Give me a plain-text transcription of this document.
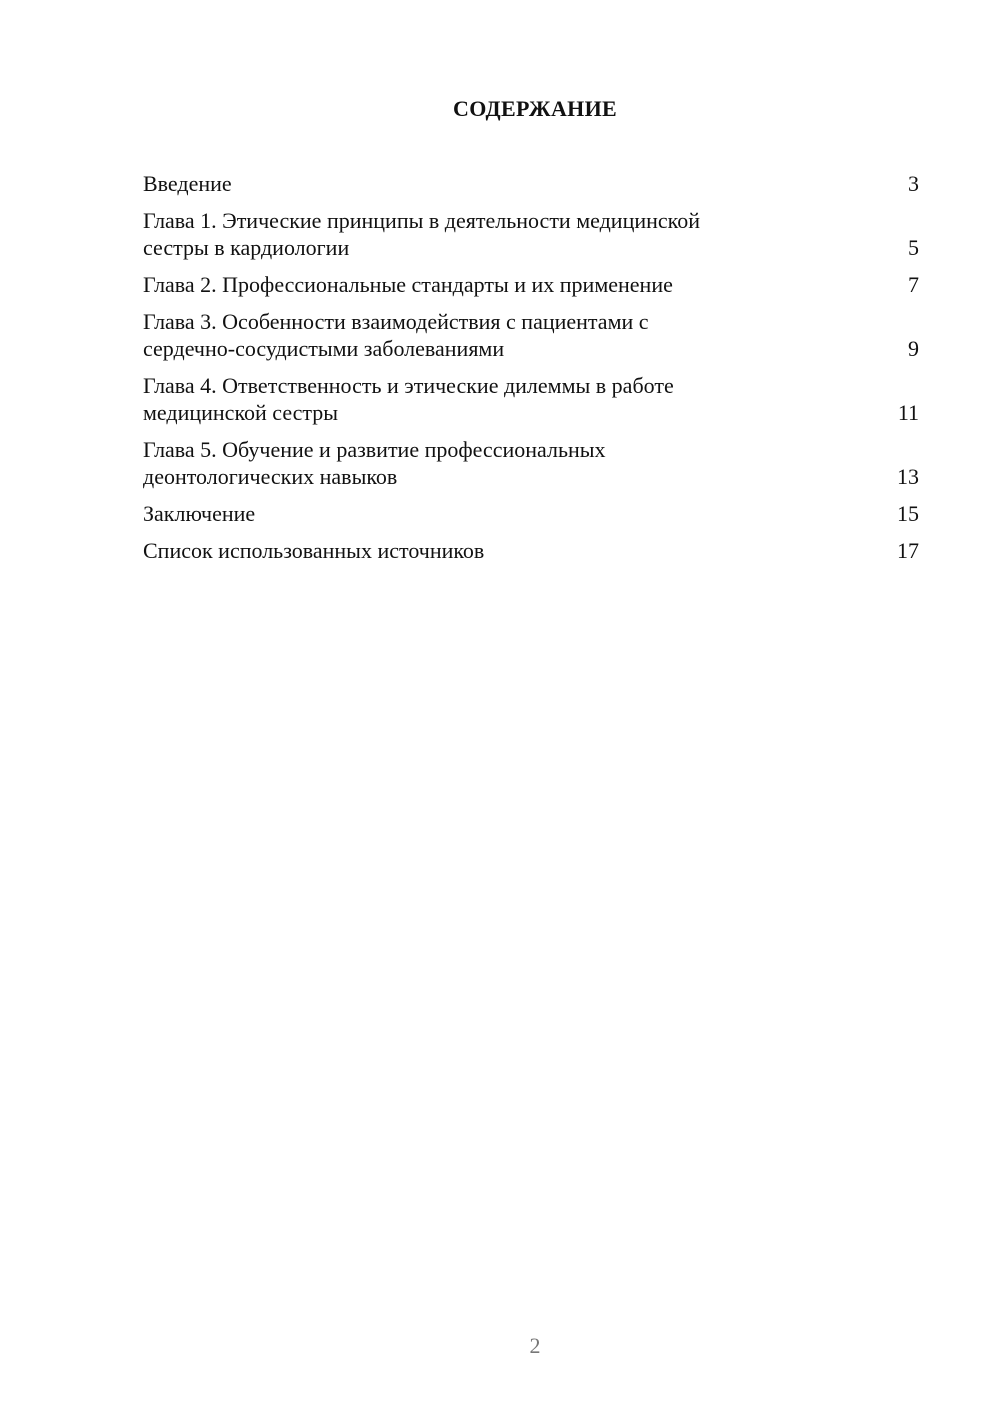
СОДЕРЖАНИЕ
Введение	3
Глава 1. Этические принципы в деятельности медицинской
сестры в кардиологии	5
Глава 2. Профессиональные стандарты и их применение	7
Глава 3. Особенности взаимодействия с пациентами с
сердечно-сосудистыми заболеваниями	9
Глава 4. Ответственность и этические дилеммы в работе
медицинской сестры	11
Глава 5. Обучение и развитие профессиональных
деонтологических навыков	13
Заключение	15
Список использованных источников	17
2
